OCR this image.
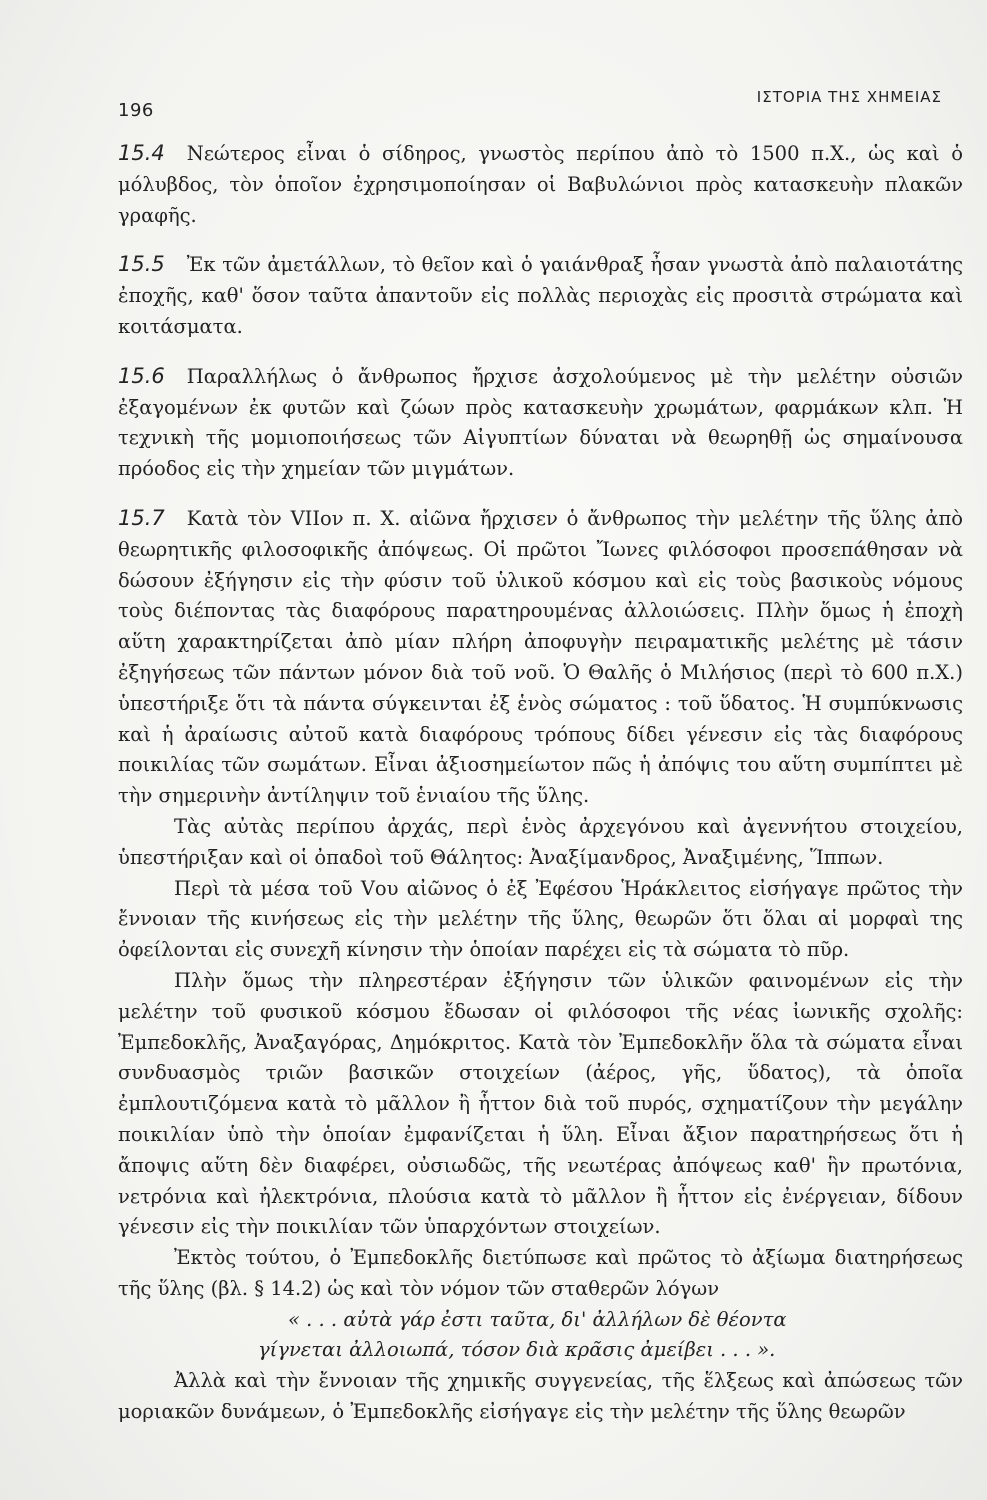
196
ΙΣΤΟΡΙΑ ΤΗΣ ΧΗΜΕΙΑΣ

15.4 Νεώτερος εἶναι ὁ σίδηρος, γνωστὸς περίπου ἀπὸ τὸ 1500 π.Χ., ὡς καὶ ὁ μόλυβδος, τὸν ὁποῖον ἐχρησιμοποίησαν οἱ Βαβυλώνιοι πρὸς κατασκευὴν πλακῶν γραφῆς.

15.5 Ἐκ τῶν ἀμετάλλων, τὸ θεῖον καὶ ὁ γαιάνθραξ ἦσαν γνωστὰ ἀπὸ παλαιοτάτης ἐποχῆς, καθ' ὅσον ταῦτα ἀπαντοῦν εἰς πολλὰς περιοχὰς εἰς προσιτὰ στρώματα καὶ κοιτάσματα.

15.6 Παραλλήλως ὁ ἄνθρωπος ἤρχισε ἀσχολούμενος μὲ τὴν μελέτην οὐσιῶν ἐξαγομένων ἐκ φυτῶν καὶ ζώων πρὸς κατασκευὴν χρωμάτων, φαρμάκων κλπ. Ἡ τεχνικὴ τῆς μομιοποιήσεως τῶν Αἰγυπτίων δύναται νὰ θεωρηθῇ ὡς σημαίνουσα πρόοδος εἰς τὴν χημείαν τῶν μιγμάτων.

15.7 Κατὰ τὸν VIIον π. Χ. αἰῶνα ἤρχισεν ὁ ἄνθρωπος τὴν μελέτην τῆς ὕλης ἀπὸ θεωρητικῆς φιλοσοφικῆς ἀπόψεως. Οἱ πρῶτοι Ἴωνες φιλόσοφοι προσεπάθησαν νὰ δώσουν ἐξήγησιν εἰς τὴν φύσιν τοῦ ὑλικοῦ κόσμου καὶ εἰς τοὺς βασικοὺς νόμους τοὺς διέποντας τὰς διαφόρους παρατηρουμένας ἀλλοιώσεις. Πλὴν ὅμως ἡ ἐποχὴ αὕτη χαρακτηρίζεται ἀπὸ μίαν πλήρη ἀποφυγὴν πειραματικῆς μελέτης μὲ τάσιν ἐξηγήσεως τῶν πάντων μόνον διὰ τοῦ νοῦ. Ὁ Θαλῆς ὁ Μιλήσιος (περὶ τὸ 600 π.Χ.) ὑπεστήριξε ὅτι τὰ πάντα σύγκεινται ἐξ ἑνὸς σώματος : τοῦ ὕδατος. Ἡ συμπύκνωσις καὶ ἡ ἀραίωσις αὐτοῦ κατὰ διαφόρους τρόπους δίδει γένεσιν εἰς τὰς διαφόρους ποικιλίας τῶν σωμάτων. Εἶναι ἀξιοσημείωτον πῶς ἡ ἀπόψις του αὕτη συμπίπτει μὲ τὴν σημερινὴν ἀντίληψιν τοῦ ἑνιαίου τῆς ὕλης.

Τὰς αὐτὰς περίπου ἀρχάς, περὶ ἑνὸς ἀρχεγόνου καὶ ἀγεννήτου στοιχείου, ὑπεστήριξαν καὶ οἱ ὀπαδοὶ τοῦ Θάλητος: Ἀναξίμανδρος, Ἀναξιμένης, Ἵππων.

Περὶ τὰ μέσα τοῦ Vου αἰῶνος ὁ ἐξ Ἐφέσου Ἡράκλειτος εἰσήγαγε πρῶτος τὴν ἔννοιαν τῆς κινήσεως εἰς τὴν μελέτην τῆς ὕλης, θεωρῶν ὅτι ὅλαι αἱ μορφαὶ της ὀφείλονται εἰς συνεχῆ κίνησιν τὴν ὁποίαν παρέχει εἰς τὰ σώματα τὸ πῦρ.

Πλὴν ὅμως τὴν πληρεστέραν ἐξήγησιν τῶν ὑλικῶν φαινομένων εἰς τὴν μελέτην τοῦ φυσικοῦ κόσμου ἔδωσαν οἱ φιλόσοφοι τῆς νέας ἰωνικῆς σχολῆς: Ἐμπεδοκλῆς, Ἀναξαγόρας, Δημόκριτος. Κατὰ τὸν Ἐμπεδοκλῆν ὅλα τὰ σώματα εἶναι συνδυασμὸς τριῶν βασικῶν στοιχείων (ἀέρος, γῆς, ὕδατος), τὰ ὁποῖα ἐμπλουτιζόμενα κατὰ τὸ μᾶλλον ἢ ἧττον διὰ τοῦ πυρός, σχηματίζουν τὴν μεγάλην ποικιλίαν ὑπὸ τὴν ὁποίαν ἐμφανίζεται ἡ ὕλη. Εἶναι ἄξιον παρατηρήσεως ὅτι ἡ ἄποψις αὕτη δὲν διαφέρει, οὐσιωδῶς, τῆς νεωτέρας ἀπόψεως καθ' ἣν πρωτόνια, νετρόνια καὶ ἠλεκτρόνια, πλούσια κατὰ τὸ μᾶλλον ἢ ἧττον εἰς ἐνέργειαν, δίδουν γένεσιν εἰς τὴν ποικιλίαν τῶν ὑπαρχόντων στοιχείων.

Ἐκτὸς τούτου, ὁ Ἐμπεδοκλῆς διετύπωσε καὶ πρῶτος τὸ ἀξίωμα διατηρήσεως τῆς ὕλης (βλ. § 14.2) ὡς καὶ τὸν νόμον τῶν σταθερῶν λόγων

« . . . αὐτὰ γάρ ἐστι ταῦτα, δι' ἀλλήλων δὲ θέοντα

γίγνεται ἀλλοιωπά, τόσον διὰ κρᾶσις ἀμείβει . . . ».

Ἀλλὰ καὶ τὴν ἔννοιαν τῆς χημικῆς συγγενείας, τῆς ἕλξεως καὶ ἀπώσεως τῶν μοριακῶν δυνάμεων, ὁ Ἐμπεδοκλῆς εἰσήγαγε εἰς τὴν μελέτην τῆς ὕλης θεωρῶν
